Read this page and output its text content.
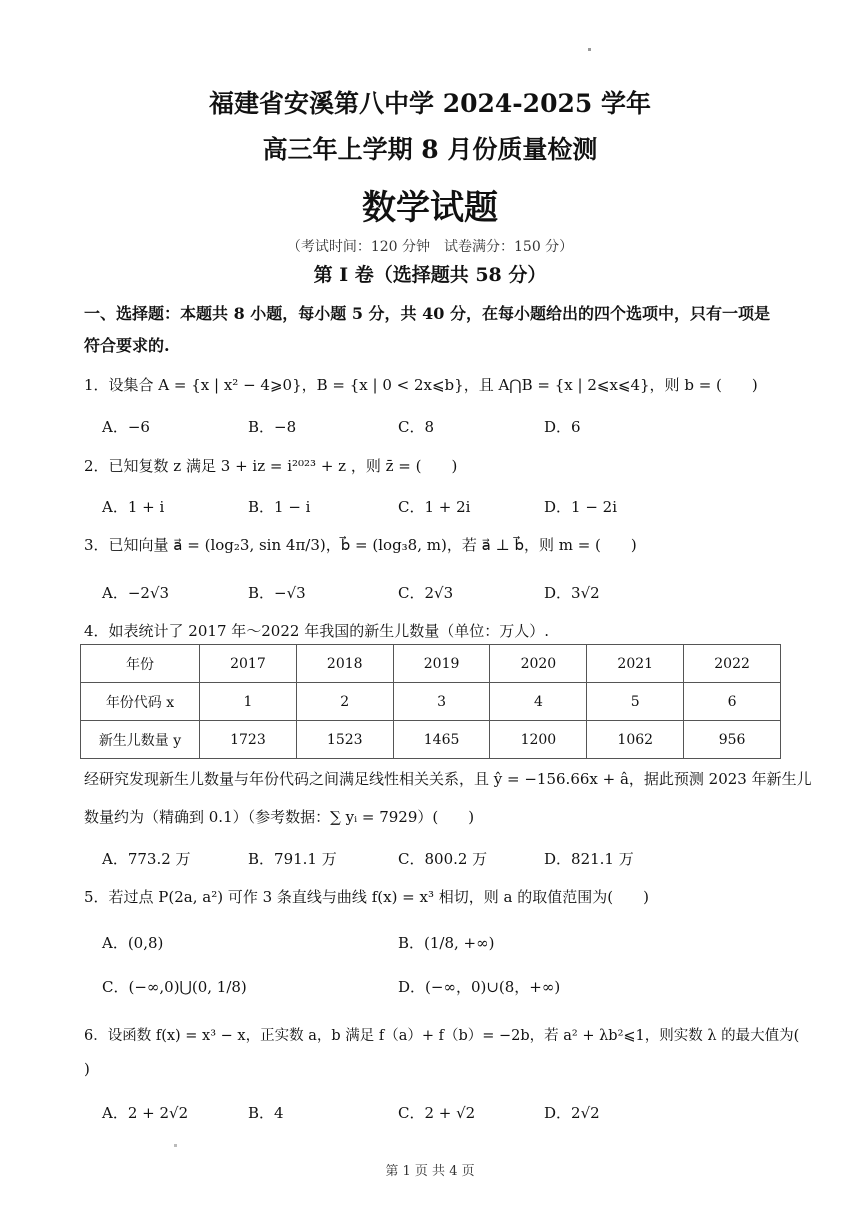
福建省安溪第八中学 2024-2025 学年
高三年上学期 8 月份质量检测
数学试题
（考试时间：120 分钟　试卷满分：150 分）
第 I 卷（选择题共 58 分）
一、选择题：本题共 8 小题，每小题 5 分，共 40 分，在每小题给出的四个选项中，只有一项是符合要求的.
1．设集合 A = {x | x² − 4⩾0}，B = {x | 0 < 2x⩽b}，且 A⋂B = {x | 2⩽x⩽4}，则 b = (　　)
A．−6	B．−8	C．8	D．6
2．已知复数 z 满足 3 + iz = i²⁰²³ + z ，则 z̄ = (　　)
A．1 + i	B．1 − i	C．1 + 2i	D．1 − 2i
3．已知向量 a⃗ = (log₂3, sin 4π/3)，b⃗ = (log₃8, m)，若 a⃗ ⊥ b⃗，则 m = (　　)
A．−2√3	B．−√3	C．2√3	D．3√2
4．如表统计了 2017 年～2022 年我国的新生儿数量（单位：万人）.
年份	2017	2018	2019	2020	2021	2022
年份代码 x	1	2	3	4	5	6
新生儿数量 y	1723	1523	1465	1200	1062	956
经研究发现新生儿数量与年份代码之间满足线性相关关系，且 ŷ = −156.66x + â，据此预测 2023 年新生儿
数量约为（精确到 0.1）（参考数据：∑ yᵢ = 7929）(　　)
A．773.2 万	B．791.1 万	C．800.2 万	D．821.1 万
5．若过点 P(2a, a²) 可作 3 条直线与曲线 f(x) = x³ 相切，则 a 的取值范围为(　　)
A．(0,8)	B．(1/8, +∞)
C．(−∞,0)⋃(0, 1/8)	D．(−∞，0)∪(8，+∞)
6．设函数 f(x) = x³ − x，正实数 a，b 满足 f（a）+ f（b）= −2b，若 a² + λb²⩽1，则实数 λ 的最大值为(
)
A．2 + 2√2	B．4	C．2 + √2	D．2√2
第 1 页 共 4 页
